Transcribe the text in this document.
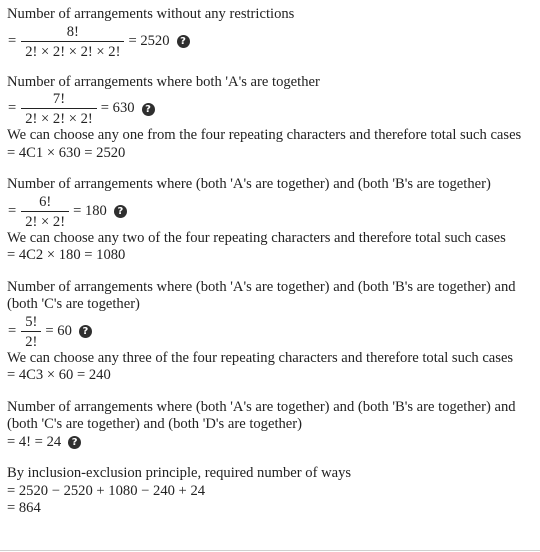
Number of arrangements without any restrictions
= $\frac{8!}{2! \times 2! \times 2! \times 2!} = 2520$	?
Number of arrangements where both 'A's are together
= $\frac{7!}{2! \times 2! \times 2!} = 630$	?
We can choose any one from the four repeating characters and therefore total such cases
= 4C1 × 630 = 2520
Number of arrangements where (both 'A's are together) and (both 'B's are together)
= $\frac{6!}{2! \times 2!} = 180$	?
We can choose any two of the four repeating characters and therefore total such cases
= 4C2 × 180 = 1080
Number of arrangements where (both 'A's are together) and (both 'B's are together) and
(both 'C's are together)
= $\frac{5!}{2!} = 60$	?
We can choose any three of the four repeating characters and therefore total such cases
= 4C3 × 60 = 240
Number of arrangements where (both 'A's are together) and (both 'B's are together) and
(both 'C's are together) and (both 'D's are together)
= 4! = 24	?
By inclusion-exclusion principle, required number of ways
= 2520 − 2520 + 1080 − 240 + 24
= 864
